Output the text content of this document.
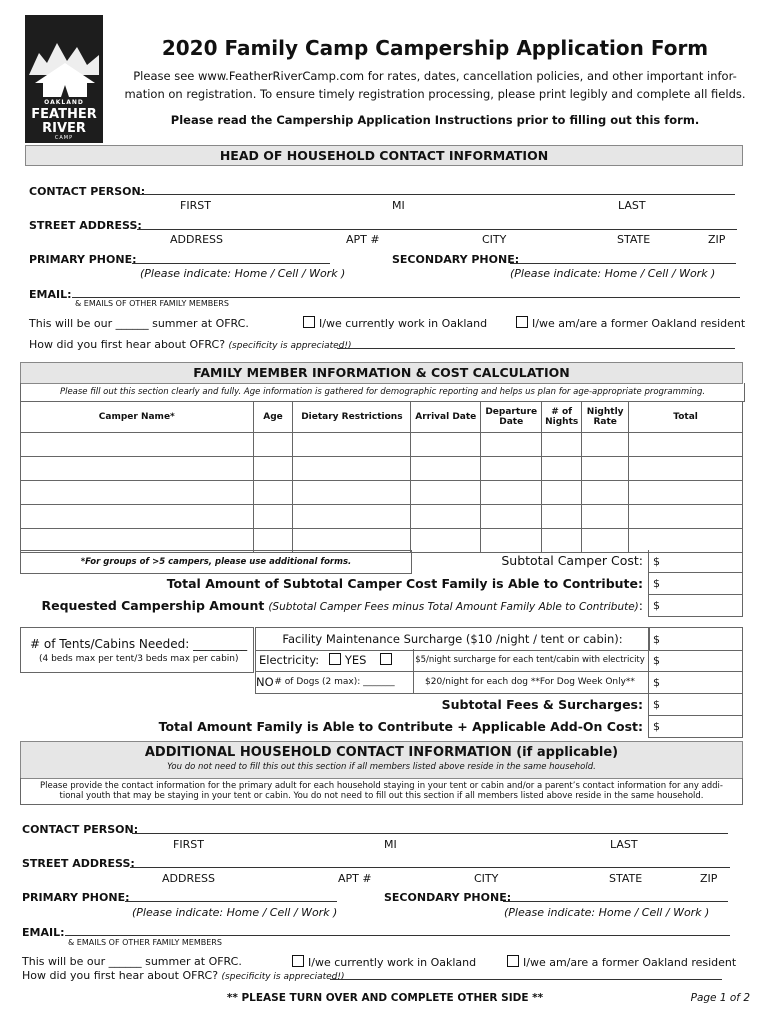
OAKLAND
FEATHER
RIVER
CAMP
2020 Family Camp Campership Application Form
Please see www.FeatherRiverCamp.com for rates, dates, cancellation policies, and other important infor-
mation on registration. To ensure timely registration processing, please print legibly and complete all fields.
Please read the Campership Application Instructions prior to filling out this form.
HEAD OF HOUSEHOLD CONTACT INFORMATION
CONTACT PERSON:
FIRST	MI	LAST
STREET ADDRESS:
ADDRESS	APT #	CITY	STATE	ZIP
PRIMARY PHONE:	SECONDARY PHONE:
(Please indicate: Home / Cell / Work )	(Please indicate: Home / Cell / Work )
EMAIL:
& EMAILS OF OTHER FAMILY MEMBERS
This will be our ______ summer at OFRC.	I/we currently work in Oakland	I/we am/are a former Oakland resident
How did you first hear about OFRC? (specificity is appreciated!)
FAMILY MEMBER INFORMATION & COST CALCULATION
Please fill out this section clearly and fully. Age information is gathered for demographic reporting and helps us plan for age-appropriate programming.
Camper Name*	Age	Dietary Restrictions	Arrival Date	Departure Date	# of Nights	Nightly Rate	Total

*For groups of >5 campers, please use additional forms.	Subtotal Camper Cost: $
Total Amount of Subtotal Camper Cost Family is Able to Contribute: $
Requested Campership Amount (Subtotal Camper Fees minus Total Amount Family Able to Contribute): $
# of Tents/Cabins Needed: _________
(4 beds max per tent/3 beds max per cabin)
Facility Maintenance Surcharge ($10 /night / tent or cabin):	$
Electricity: YES NO
$5/night surcharge for each tent/cabin with electricity $
# of Dogs (2 max): _______	$20/night for each dog **For Dog Week Only**	$
Subtotal Fees & Surcharges: $
Total Amount Family is Able to Contribute + Applicable Add-On Cost: $
ADDITIONAL HOUSEHOLD CONTACT INFORMATION (if applicable)
You do not need to fill this out this section if all members listed above reside in the same household.
Please provide the contact information for the primary adult for each household staying in your tent or cabin and/or a parent’s contact information for any addi-
tional youth that may be staying in your tent or cabin. You do not need to fill out this section if all members listed above reside in the same household.
CONTACT PERSON:
FIRST	MI	LAST
STREET ADDRESS:
ADDRESS	APT #	CITY	STATE	ZIP
PRIMARY PHONE:	SECONDARY PHONE:
(Please indicate: Home / Cell / Work )	(Please indicate: Home / Cell / Work )
EMAIL:
& EMAILS OF OTHER FAMILY MEMBERS
This will be our ______ summer at OFRC.	I/we currently work in Oakland	I/we am/are a former Oakland resident
How did you first hear about OFRC? (specificity is appreciated!)
** PLEASE TURN OVER AND COMPLETE OTHER SIDE **	Page 1 of 2
